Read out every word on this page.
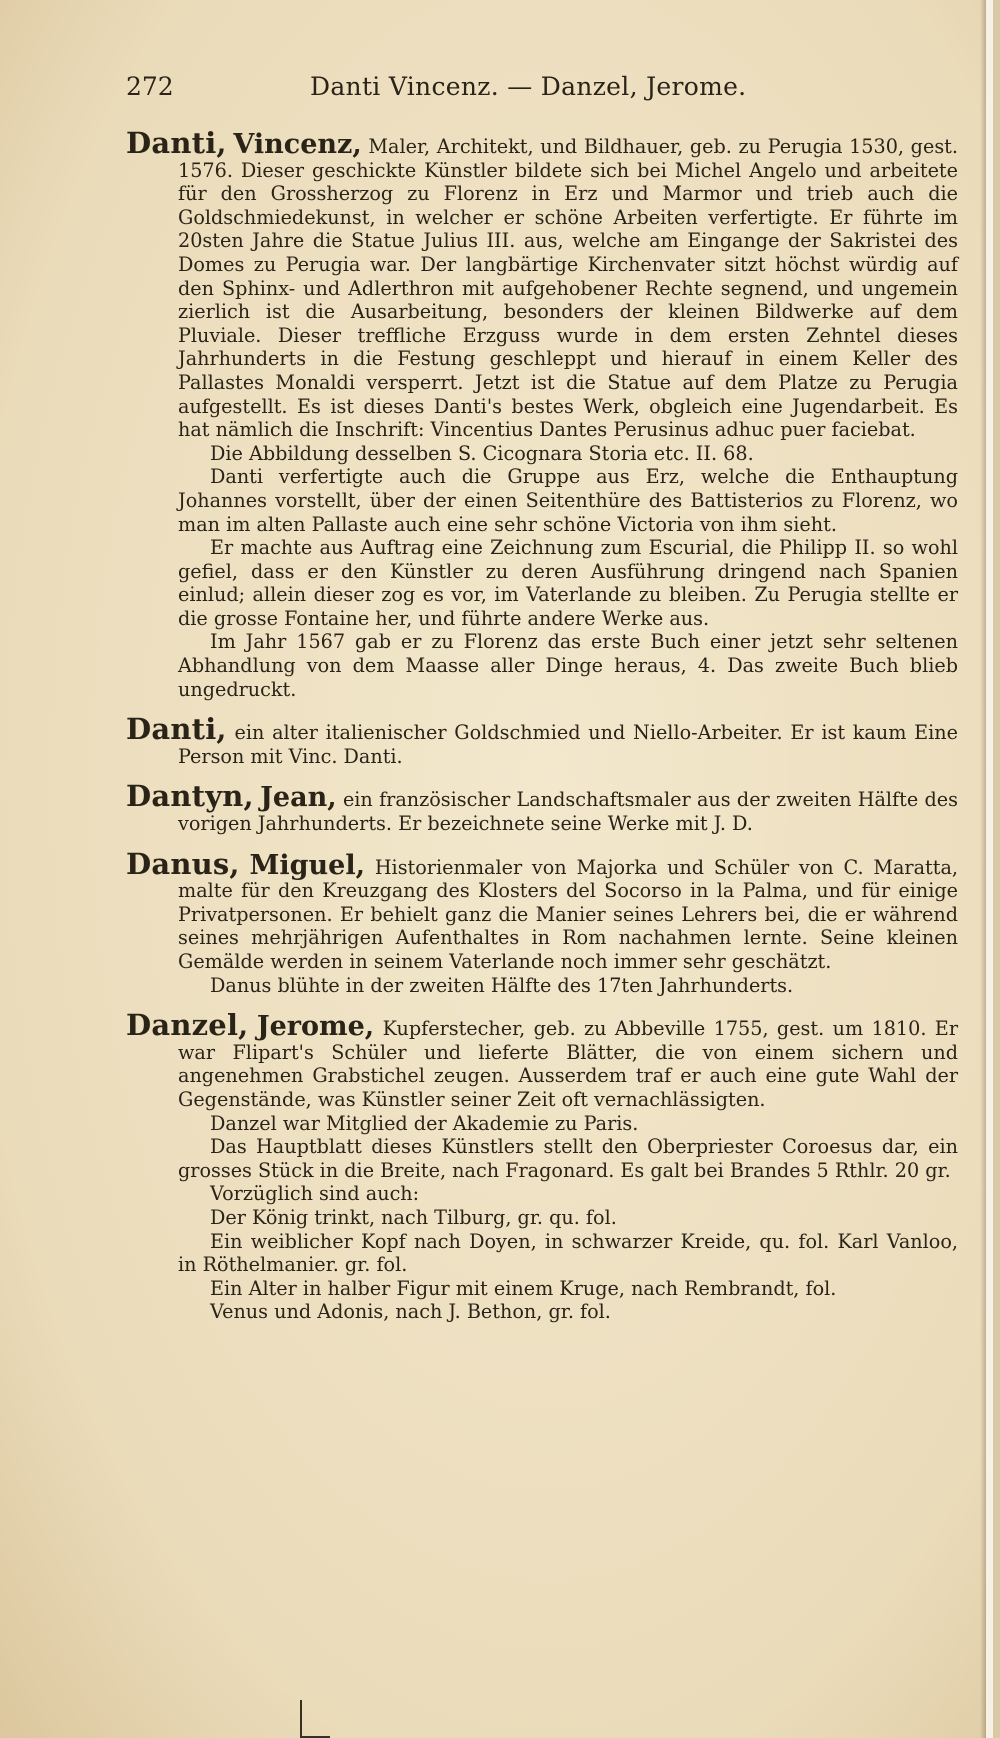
272	Danti Vincenz. — Danzel, Jerome.

Danti, Vincenz, Maler, Architekt, und Bildhauer, geb. zu Perugia 1530, gest. 1576. Dieser geschickte Künstler bildete sich bei Michel Angelo und arbeitete für den Grossherzog zu Florenz in Erz und Marmor und trieb auch die Goldschmiedekunst, in welcher er schöne Arbeiten verfertigte. Er führte im 20sten Jahre die Statue Julius III. aus, welche am Eingange der Sakristei des Domes zu Perugia war. Der langbärtige Kirchenvater sitzt höchst würdig auf den Sphinx- und Adlerthron mit aufgehobener Rechte segnend, und ungemein zierlich ist die Ausarbeitung, besonders der kleinen Bildwerke auf dem Pluviale. Dieser treffliche Erzguss wurde in dem ersten Zehntel dieses Jahrhunderts in die Festung geschleppt und hierauf in einem Keller des Pallastes Monaldi versperrt. Jetzt ist die Statue auf dem Platze zu Perugia aufgestellt. Es ist dieses Danti's bestes Werk, obgleich eine Jugendarbeit. Es hat nämlich die Inschrift: Vincentius Dantes Perusinus adhuc puer faciebat.

Die Abbildung desselben S. Cicognara Storia etc. II. 68.

Danti verfertigte auch die Gruppe aus Erz, welche die Enthauptung Johannes vorstellt, über der einen Seitenthüre des Battisterios zu Florenz, wo man im alten Pallaste auch eine sehr schöne Victoria von ihm sieht.

Er machte aus Auftrag eine Zeichnung zum Escurial, die Philipp II. so wohl gefiel, dass er den Künstler zu deren Ausführung dringend nach Spanien einlud; allein dieser zog es vor, im Vaterlande zu bleiben. Zu Perugia stellte er die grosse Fontaine her, und führte andere Werke aus.

Im Jahr 1567 gab er zu Florenz das erste Buch einer jetzt sehr seltenen Abhandlung von dem Maasse aller Dinge heraus, 4. Das zweite Buch blieb ungedruckt.

Danti, ein alter italienischer Goldschmied und Niello-Arbeiter. Er ist kaum Eine Person mit Vinc. Danti.

Dantyn, Jean, ein französischer Landschaftsmaler aus der zweiten Hälfte des vorigen Jahrhunderts. Er bezeichnete seine Werke mit J. D.

Danus, Miguel, Historienmaler von Majorka und Schüler von C. Maratta, malte für den Kreuzgang des Klosters del Socorso in la Palma, und für einige Privatpersonen. Er behielt ganz die Manier seines Lehrers bei, die er während seines mehrjährigen Aufenthaltes in Rom nachahmen lernte. Seine kleinen Gemälde werden in seinem Vaterlande noch immer sehr geschätzt.

Danus blühte in der zweiten Hälfte des 17ten Jahrhunderts.

Danzel, Jerome, Kupferstecher, geb. zu Abbeville 1755, gest. um 1810. Er war Flipart's Schüler und lieferte Blätter, die von einem sichern und angenehmen Grabstichel zeugen. Ausserdem traf er auch eine gute Wahl der Gegenstände, was Künstler seiner Zeit oft vernachlässigten.

Danzel war Mitglied der Akademie zu Paris.

Das Hauptblatt dieses Künstlers stellt den Oberpriester Coroesus dar, ein grosses Stück in die Breite, nach Fragonard. Es galt bei Brandes 5 Rthlr. 20 gr.

Vorzüglich sind auch:

Der König trinkt, nach Tilburg, gr. qu. fol.

Ein weiblicher Kopf nach Doyen, in schwarzer Kreide, qu. fol. Karl Vanloo, in Röthelmanier. gr. fol.

Ein Alter in halber Figur mit einem Kruge, nach Rembrandt, fol.

Venus und Adonis, nach J. Bethon, gr. fol.
